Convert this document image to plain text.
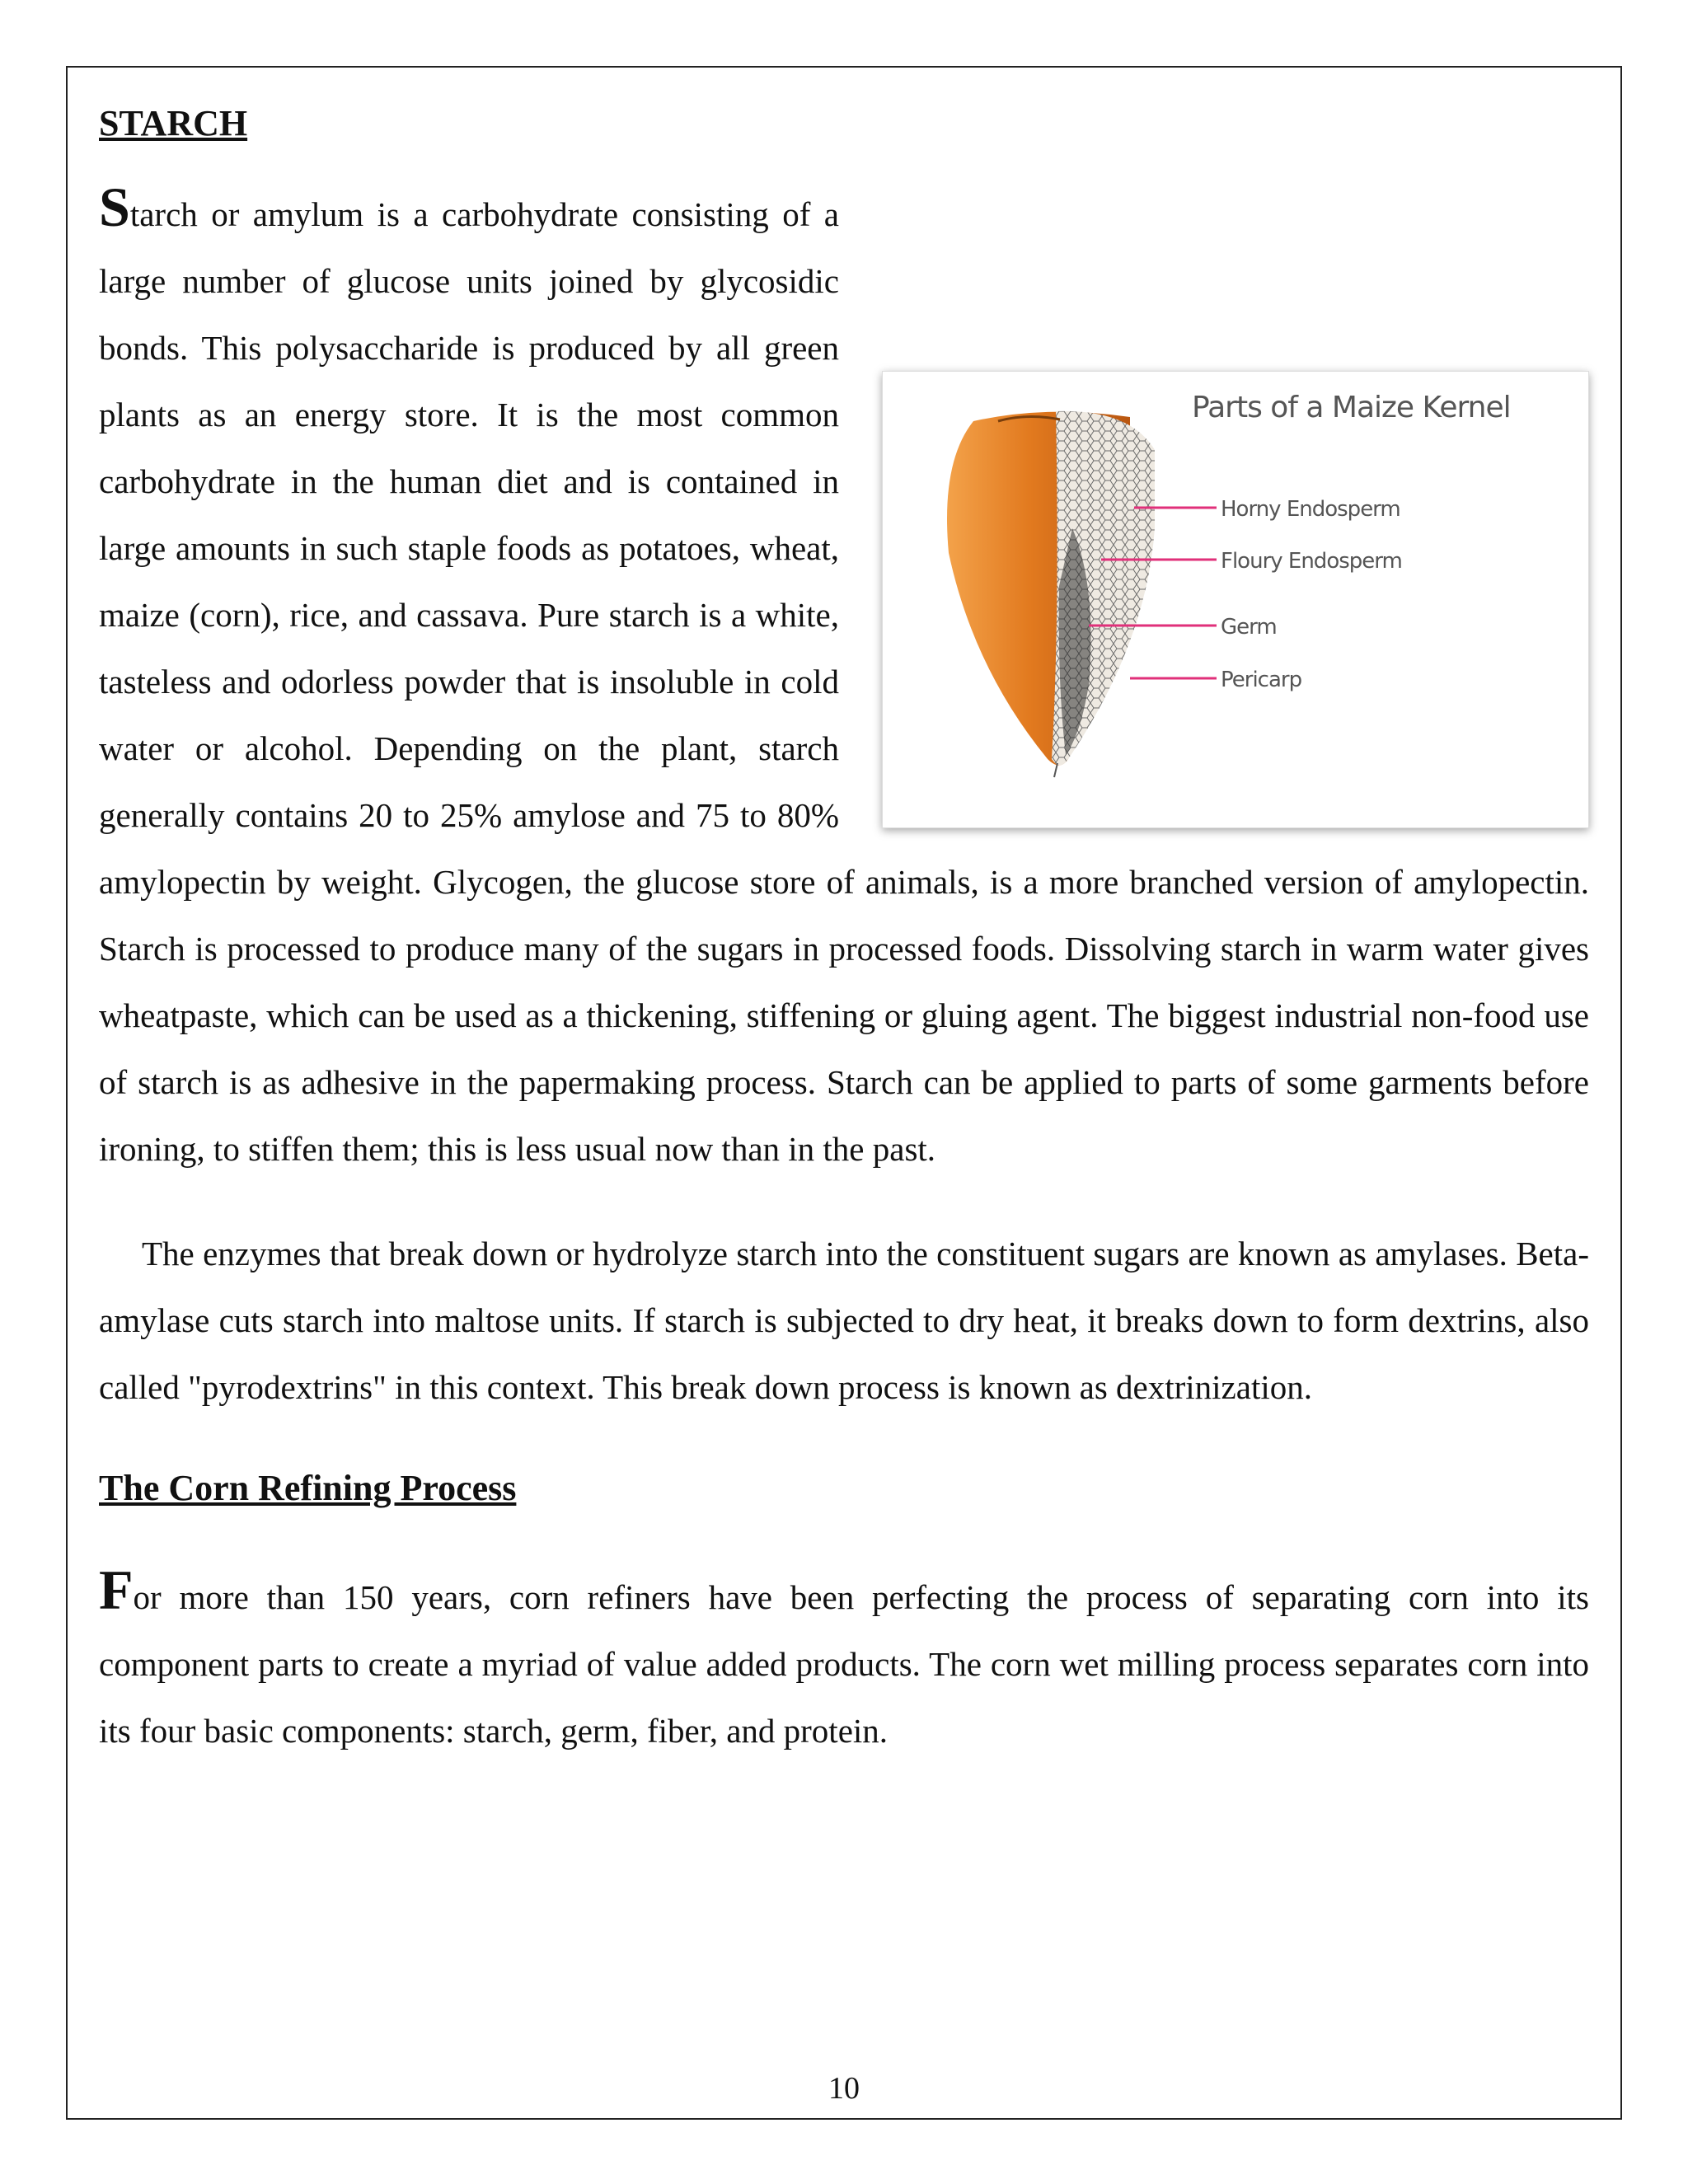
STARCH

Parts of a Maize Kernel
Horny Endosperm
Floury Endosperm
Germ
Pericarp
Starch or amylum is a carbohydrate consisting of a large number of glucose units joined by glycosidic bonds. This polysaccharide is produced by all green plants as an energy store. It is the most common carbohydrate in the human diet and is contained in large amounts in such staple foods as potatoes, wheat, maize (corn), rice, and cassava. Pure starch is a white, tasteless and odorless powder that is insoluble in cold water or alcohol. Depending on the plant, starch generally contains 20 to 25% amylose and 75 to 80% amylopectin by weight. Glycogen, the glucose store of animals, is a more branched version of amylopectin. Starch is processed to produce many of the sugars in processed foods. Dissolving starch in warm water gives wheatpaste, which can be used as a thickening, stiffening or gluing agent. The biggest industrial non-food use of starch is as adhesive in the papermaking process. Starch can be applied to parts of some garments before ironing, to stiffen them; this is less usual now than in the past.

The enzymes that break down or hydrolyze starch into the constituent sugars are known as amylases. Beta-amylase cuts starch into maltose units. If starch is subjected to dry heat, it breaks down to form dextrins, also called "pyrodextrins" in this context. This break down process is known as dextrinization.

The Corn Refining Process

For more than 150 years, corn refiners have been perfecting the process of separating corn into its component parts to create a myriad of value added products. The corn wet milling process separates corn into its four basic components: starch, germ, fiber, and protein.

10
